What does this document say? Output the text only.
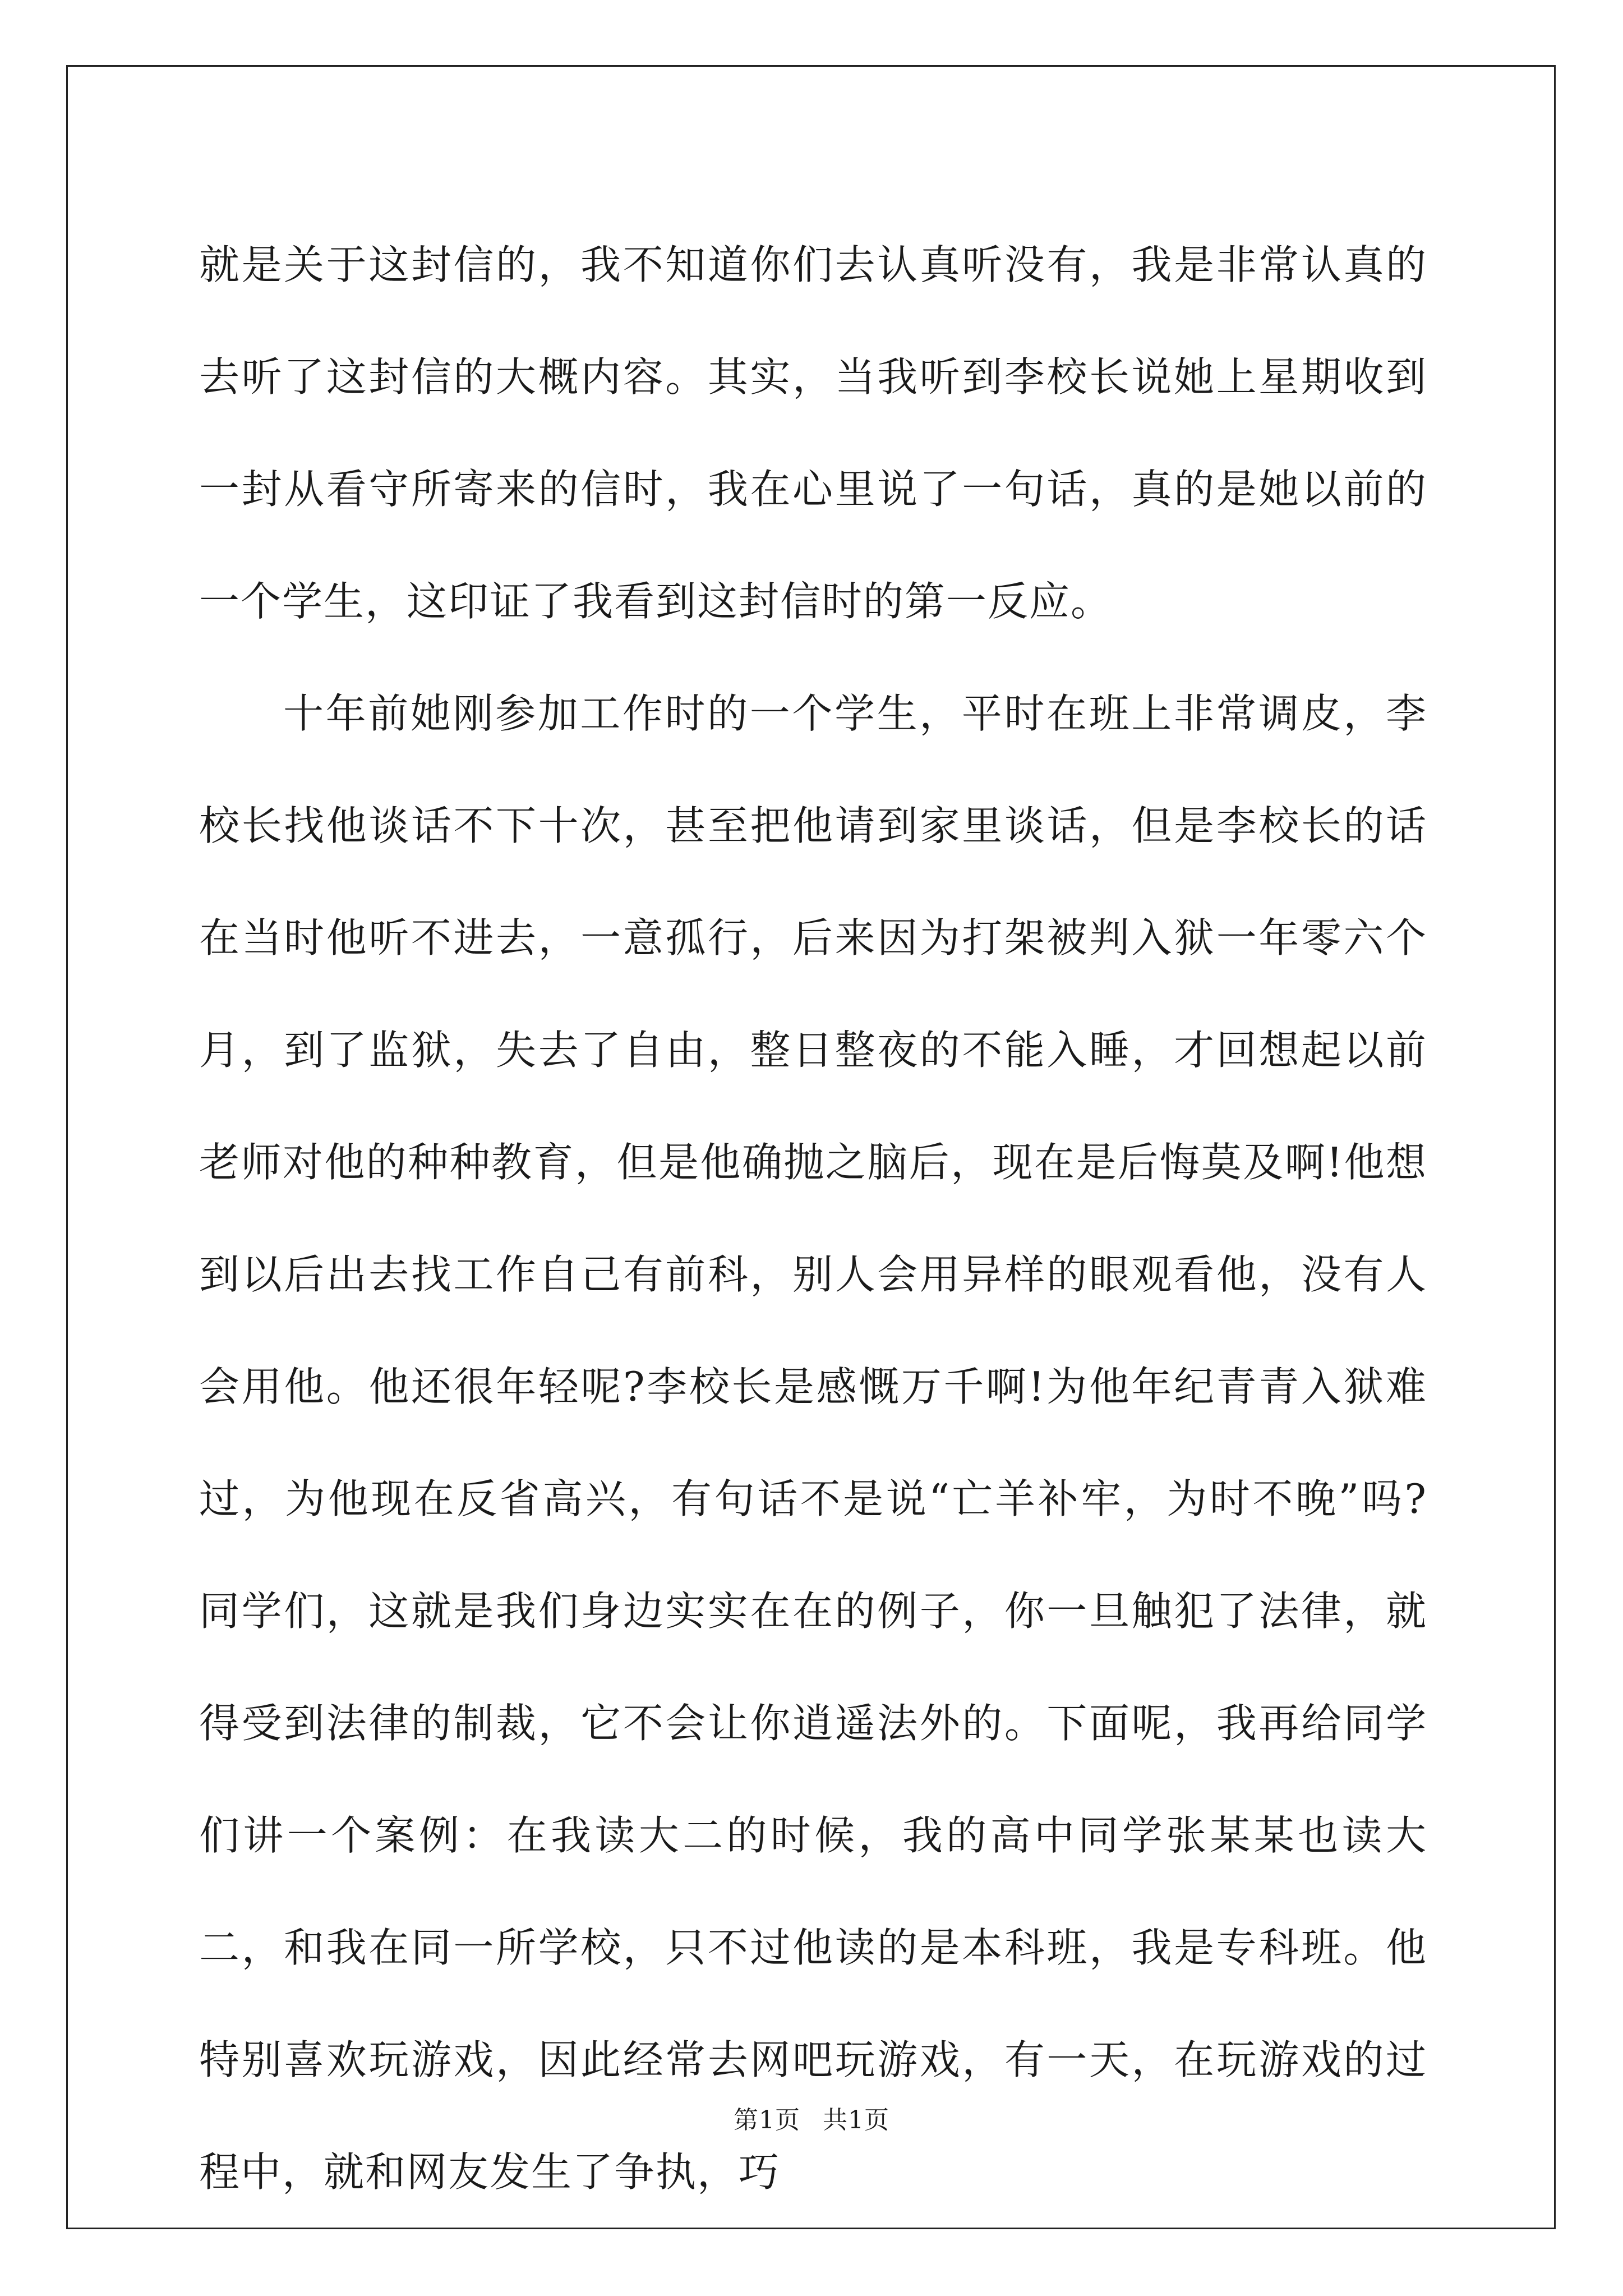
就是关于这封信的，我不知道你们去认真听没有，我是非常认真的去听了这封信的大概内容。其实，当我听到李校长说她上星期收到一封从看守所寄来的信时，我在心里说了一句话，真的是她以前的一个学生，这印证了我看到这封信时的第一反应。

十年前她刚参加工作时的一个学生，平时在班上非常调皮，李校长找他谈话不下十次，甚至把他请到家里谈话，但是李校长的话在当时他听不进去，一意孤行，后来因为打架被判入狱一年零六个月，到了监狱，失去了自由，整日整夜的不能入睡，才回想起以前老师对他的种种教育，但是他确抛之脑后，现在是后悔莫及啊!他想到以后出去找工作自己有前科，别人会用异样的眼观看他，没有人会用他。他还很年轻呢?李校长是感慨万千啊!为他年纪青青入狱难过，为他现在反省高兴，有句话不是说“亡羊补牢，为时不晚”吗?同学们，这就是我们身边实实在在的例子，你一旦触犯了法律，就得受到法律的制裁，它不会让你逍遥法外的。下面呢，我再给同学们讲一个案例：在我读大二的时候，我的高中同学张某某也读大二，和我在同一所学校，只不过他读的是本科班，我是专科班。他特别喜欢玩游戏，因此经常去网吧玩游戏，有一天，在玩游戏的过程中，就和网友发生了争执，巧

第1页 共1页
